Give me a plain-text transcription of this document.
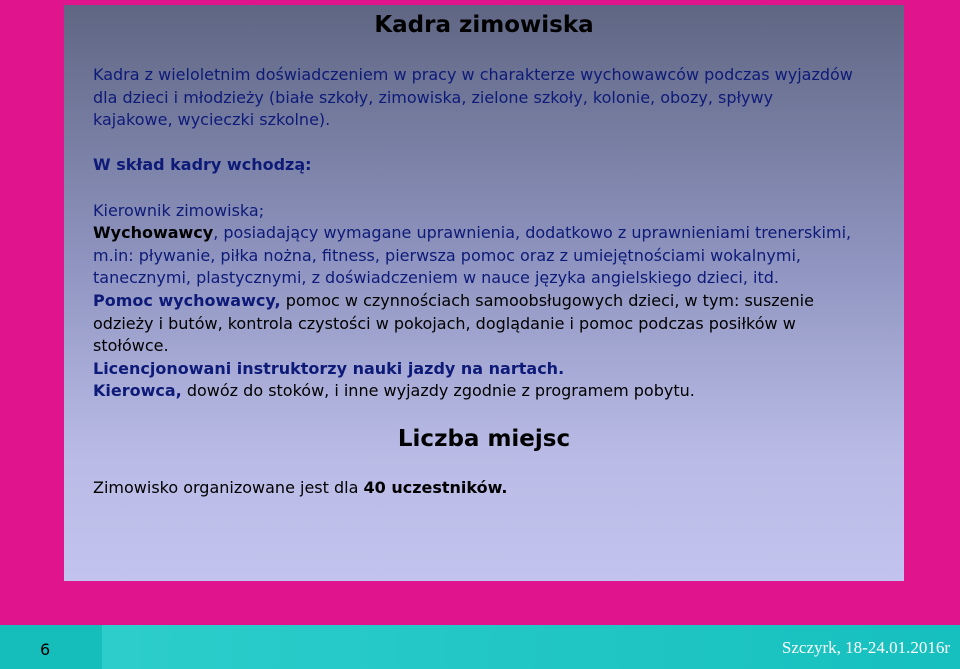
Kadra zimowiska

Kadra z wieloletnim doświadczeniem w pracy w charakterze wychowawców podczas wyjazdów dla dzieci i młodzieży (białe szkoły, zimowiska, zielone szkoły, kolonie, obozy, spływy kajakowe, wycieczki szkolne).

W skład kadry wchodzą:

Kierownik zimowiska;

Wychowawcy, posiadający wymagane uprawnienia, dodatkowo z uprawnieniami trenerskimi, m.in: pływanie, piłka nożna, fitness, pierwsza pomoc oraz z umiejętnościami wokalnymi, tanecznymi, plastycznymi, z doświadczeniem w nauce języka angielskiego dzieci, itd.

Pomoc wychowawcy, pomoc w czynnościach samoobsługowych dzieci, w tym: suszenie odzieży i butów, kontrola czystości w pokojach, doglądanie i pomoc podczas posiłków w stołówce.

Licencjonowani instruktorzy nauki jazdy na nartach.

Kierowca, dowóz do stoków, i inne wyjazdy zgodnie z programem pobytu.

Liczba miejsc
Zimowisko organizowane jest dla 40 uczestników.
6	Szczyrk, 18-24.01.2016r
